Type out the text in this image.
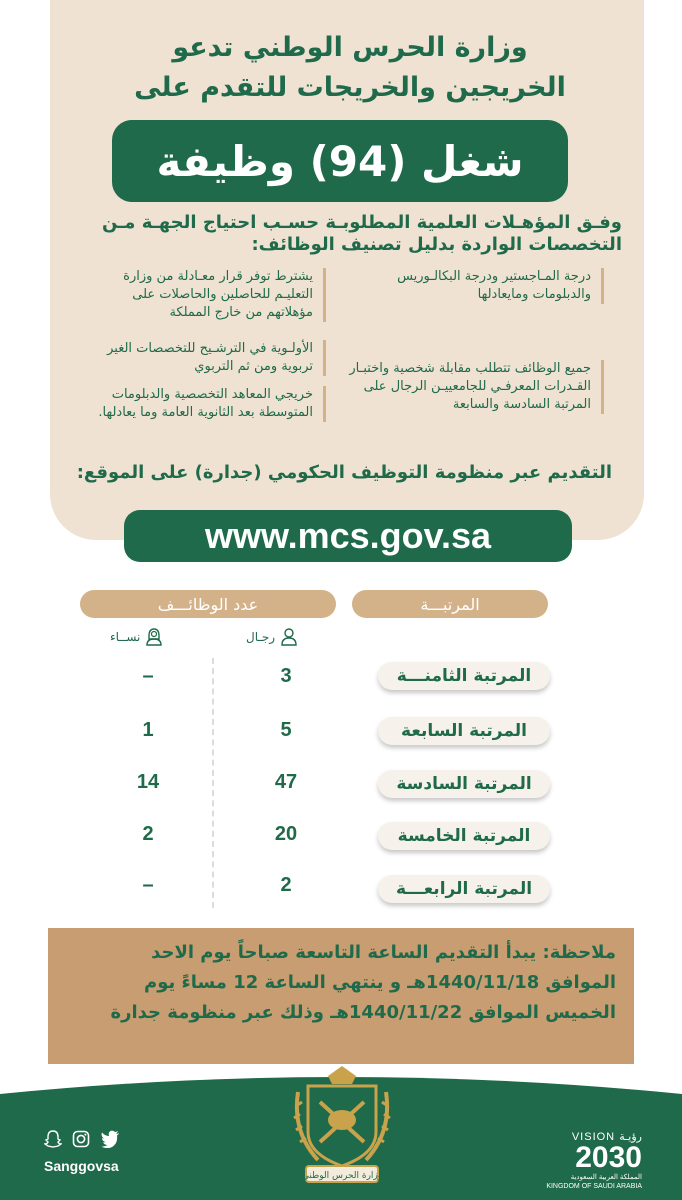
وزارة الحرس الوطني تدعو
الخريجين والخريجات للتقدم على
شغل (94) وظيفة
وفـق المؤهـلات العلمية المطلوبـة حسـب احتياج الجهـة مـن
التخصصات الواردة بدليل تصنيف الوظائف:
درجة المـاجستير ودرجة البكالـوريس والدبلومات ومايعادلها
جميع الوظائف تتطلب مقابلة شخصية واختبـار القـدرات المعرفـي للجامعييـن الرجال على المرتبة السادسة والسابعة
يشترط توفر قرار معـادلة من وزارة التعليـم للحاصلين والحاصلات على مؤهلاتهم من خارج المملكة
الأولـوية في الترشـيح للتخصصات الغير تربوية ومن ثم التربوي
خريجي المعاهد التخصصية والدبلومات المتوسطة بعد الثانوية العامة وما يعادلها.
التقديم عبر منظومة التوظيف الحكومي (جدارة) على الموقع:
www.mcs.gov.sa
المرتبـــة
عدد الوظائـــف
رجـال
نســاء
المرتبة الثامنـــة
3
–
المرتبة السابعة
5
1
المرتبة السادسة
47
14
المرتبة الخامسة
20
2
المرتبة الرابعـــة
2
–
ملاحظة: يبدأ التقديم الساعة التاسعة صباحاً يوم الاحد
الموافق 1440/11/18هـ و ينتهي الساعة 12 مساءً يوم
الخميس الموافق 1440/11/22هـ وذلك عبر منظومة جدارة
وزارة الحرس الوطني
Sanggovsa
VISION رؤيـة
2030
المملكة العربية السعودية
KINGDOM OF SAUDI ARABIA
